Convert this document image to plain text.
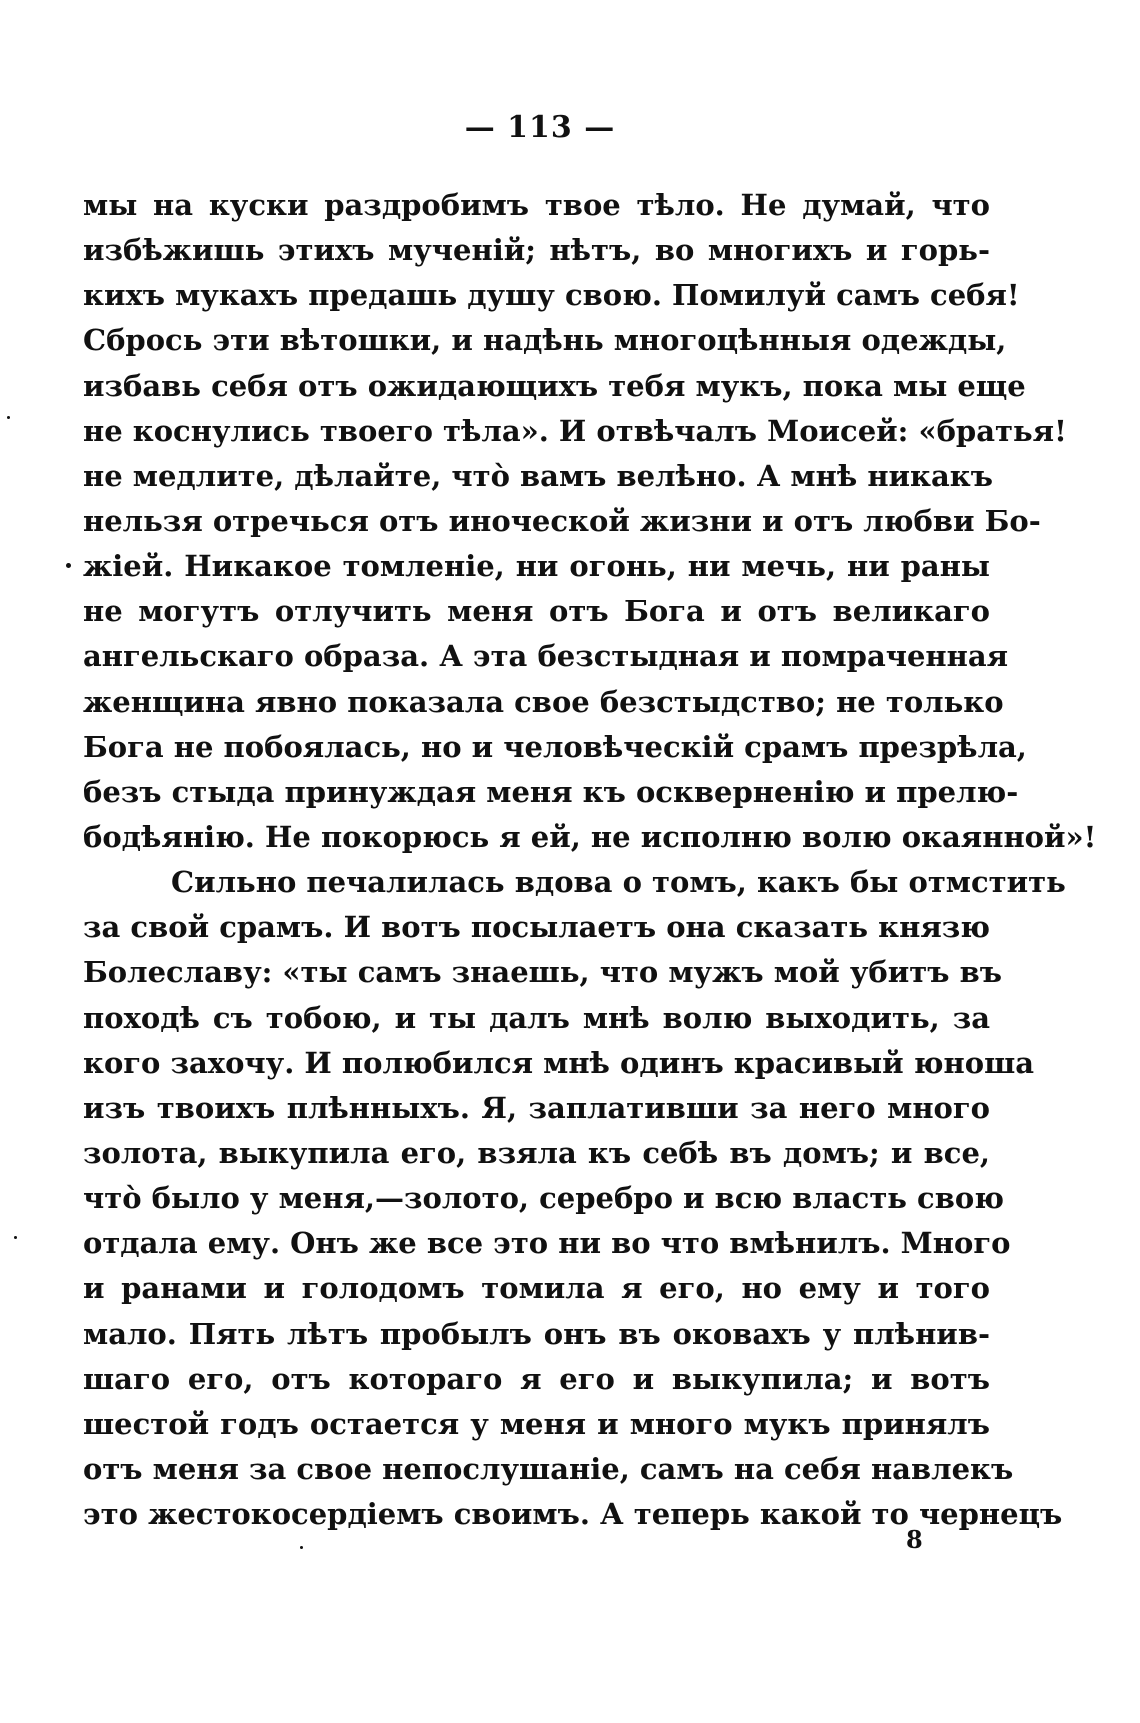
— 113 —
мы на куски раздробимъ твое тѣло. Не думай, что
избѣжишь этихъ мученій; нѣтъ, во многихъ и горь-
кихъ мукахъ предашь душу свою. Помилуй самъ себя!
Сбрось эти вѣтошки, и надѣнь многоцѣнныя одежды,
избавь себя отъ ожидающихъ тебя мукъ, пока мы еще
не коснулись твоего тѣла». И отвѣчалъ Моисей: «братья!
не медлите, дѣлайте, что̀ вамъ велѣно. А мнѣ никакъ
нельзя отречься отъ иноческой жизни и отъ любви Бо-
жіей. Никакое томленіе, ни огонь, ни мечь, ни раны
не могутъ отлучить меня отъ Бога и отъ великаго
ангельскаго образа. А эта безстыдная и помраченная
женщина явно показала свое безстыдство; не только
Бога не побоялась, но и человѣческій срамъ презрѣла,
безъ стыда принуждая меня къ оскверненію и прелю-
бодѣянію. Не покорюсь я ей, не исполню волю окаянной»!
Сильно печалилась вдова о томъ, какъ бы отмстить
за свой срамъ. И вотъ посылаетъ она сказать князю
Болеславу: «ты самъ знаешь, что мужъ мой убитъ въ
походѣ съ тобою, и ты далъ мнѣ волю выходить, за
кого захочу. И полюбился мнѣ одинъ красивый юноша
изъ твоихъ плѣнныхъ. Я, заплативши за него много
золота, выкупила его, взяла къ себѣ въ домъ; и все,
что̀ было у меня,—золото, серебро и всю власть свою
отдала ему. Онъ же все это ни во что вмѣнилъ. Много
и ранами и голодомъ томила я его, но ему и того
мало. Пять лѣтъ пробылъ онъ въ оковахъ у плѣнив-
шаго его, отъ котораго я его и выкупила; и вотъ
шестой годъ остается у меня и много мукъ принялъ
отъ меня за свое непослушаніе, самъ на себя навлекъ
это жестокосердіемъ своимъ. А теперь какой то чернецъ
8
